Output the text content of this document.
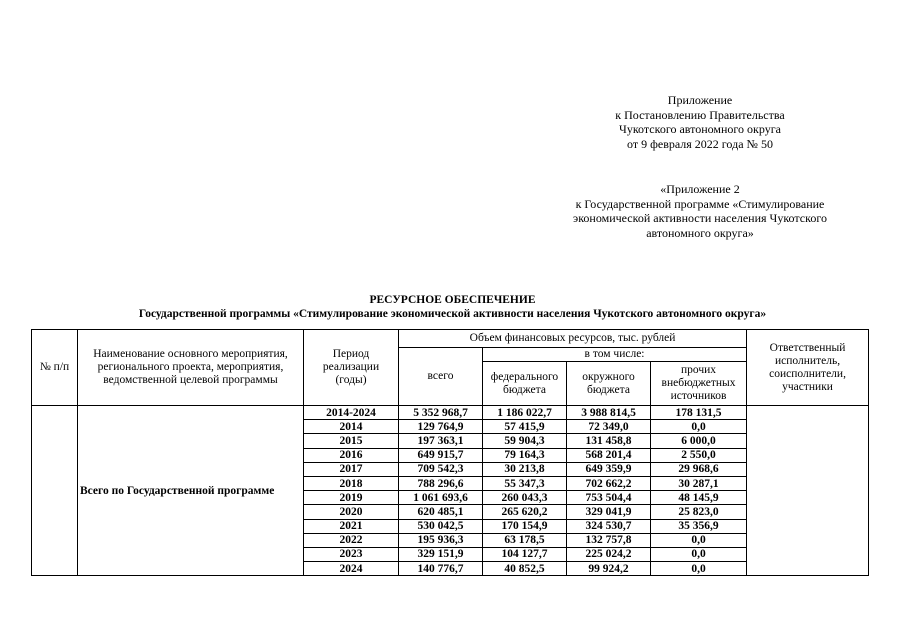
Приложение
к Постановлению Правительства
Чукотского автономного округа
от 9 февраля 2022 года № 50
«Приложение 2
к Государственной программе «Стимулирование
экономической активности населения Чукотского
автономного округа»
РЕСУРСНОЕ ОБЕСПЕЧЕНИЕ
Государственной программы «Стимулирование экономической активности населения Чукотского автономного округа»
№ п/п	Наименование основного мероприятия, регионального проекта, мероприятия, ведомственной целевой программы	Период реализации (годы)	Объем финансовых ресурсов, тыс. рублей				Ответственный исполнитель, соисполнители, участники
			всего	в том числе:			
				федерального бюджета	окружного бюджета	прочих внебюджетных источников	
	Всего по Государственной программе	2014-2024	5 352 968,7	1 186 022,7	3 988 814,5	178 131,5	
		2014	129 764,9	57 415,9	72 349,0	0,0	
		2015	197 363,1	59 904,3	131 458,8	6 000,0	
		2016	649 915,7	79 164,3	568 201,4	2 550,0	
		2017	709 542,3	30 213,8	649 359,9	29 968,6	
		2018	788 296,6	55 347,3	702 662,2	30 287,1	
		2019	1 061 693,6	260 043,3	753 504,4	48 145,9	
		2020	620 485,1	265 620,2	329 041,9	25 823,0	
		2021	530 042,5	170 154,9	324 530,7	35 356,9	
		2022	195 936,3	63 178,5	132 757,8	0,0	
		2023	329 151,9	104 127,7	225 024,2	0,0	
		2024	140 776,7	40 852,5	99 924,2	0,0	
